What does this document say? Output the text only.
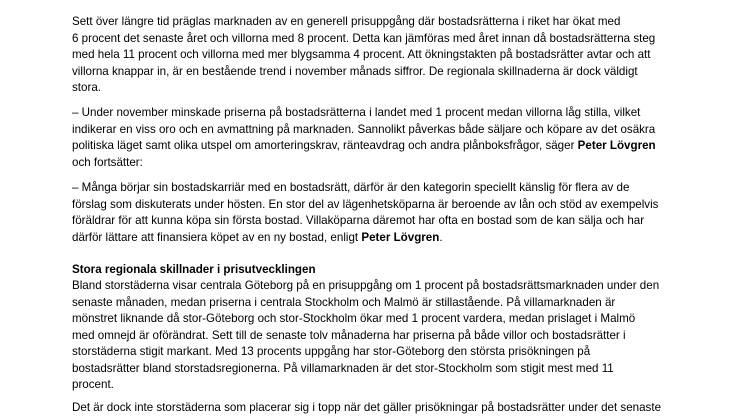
Sett över längre tid präglas marknaden av en generell prisuppgång där bostadsrätterna i riket har ökat med
6 procent det senaste året och villorna med 8 procent. Detta kan jämföras med året innan då bostadsrätterna steg
med hela 11 procent och villorna med mer blygsamma 4 procent. Att ökningstakten på bostadsrätter avtar och att
villorna knappar in, är en bestående trend i november månads siffror. De regionala skillnaderna är dock väldigt
stora.

– Under november minskade priserna på bostadsrätterna i landet med 1 procent medan villorna låg stilla, vilket
indikerar en viss oro och en avmattning på marknaden. Sannolikt påverkas både säljare och köpare av det osäkra
politiska läget samt olika utspel om amorteringskrav, ränteavdrag och andra plånboksfrågor, säger Peter Lövgren
och fortsätter:

– Många börjar sin bostadskarriär med en bostadsrätt, därför är den kategorin speciellt känslig för flera av de
förslag som diskuterats under hösten. En stor del av lägenhetsköparna är beroende av lån och stöd av exempelvis
föräldrar för att kunna köpa sin första bostad. Villaköparna däremot har ofta en bostad som de kan sälja och har
därför lättare att finansiera köpet av en ny bostad, enligt Peter Lövgren.

Stora regionala skillnader i prisutvecklingen

Bland storstäderna visar centrala Göteborg på en prisuppgång om 1 procent på bostadsrättsmarknaden under den
senaste månaden, medan priserna i centrala Stockholm och Malmö är stillastående. På villamarknaden är
mönstret liknande då stor-Göteborg och stor-Stockholm ökar med 1 procent vardera, medan prislaget i Malmö
med omnejd är oförändrat. Sett till de senaste tolv månaderna har priserna på både villor och bostadsrätter i
storstäderna stigit markant. Med 13 procents uppgång har stor-Göteborg den största prisökningen på
bostadsrätter bland storstadsregionerna. På villamarknaden är det stor-Stockholm som stigit mest med 11
procent.

Det är dock inte storstäderna som placerar sig i topp när det gäller prisökningar på bostadsrätter under det senaste
